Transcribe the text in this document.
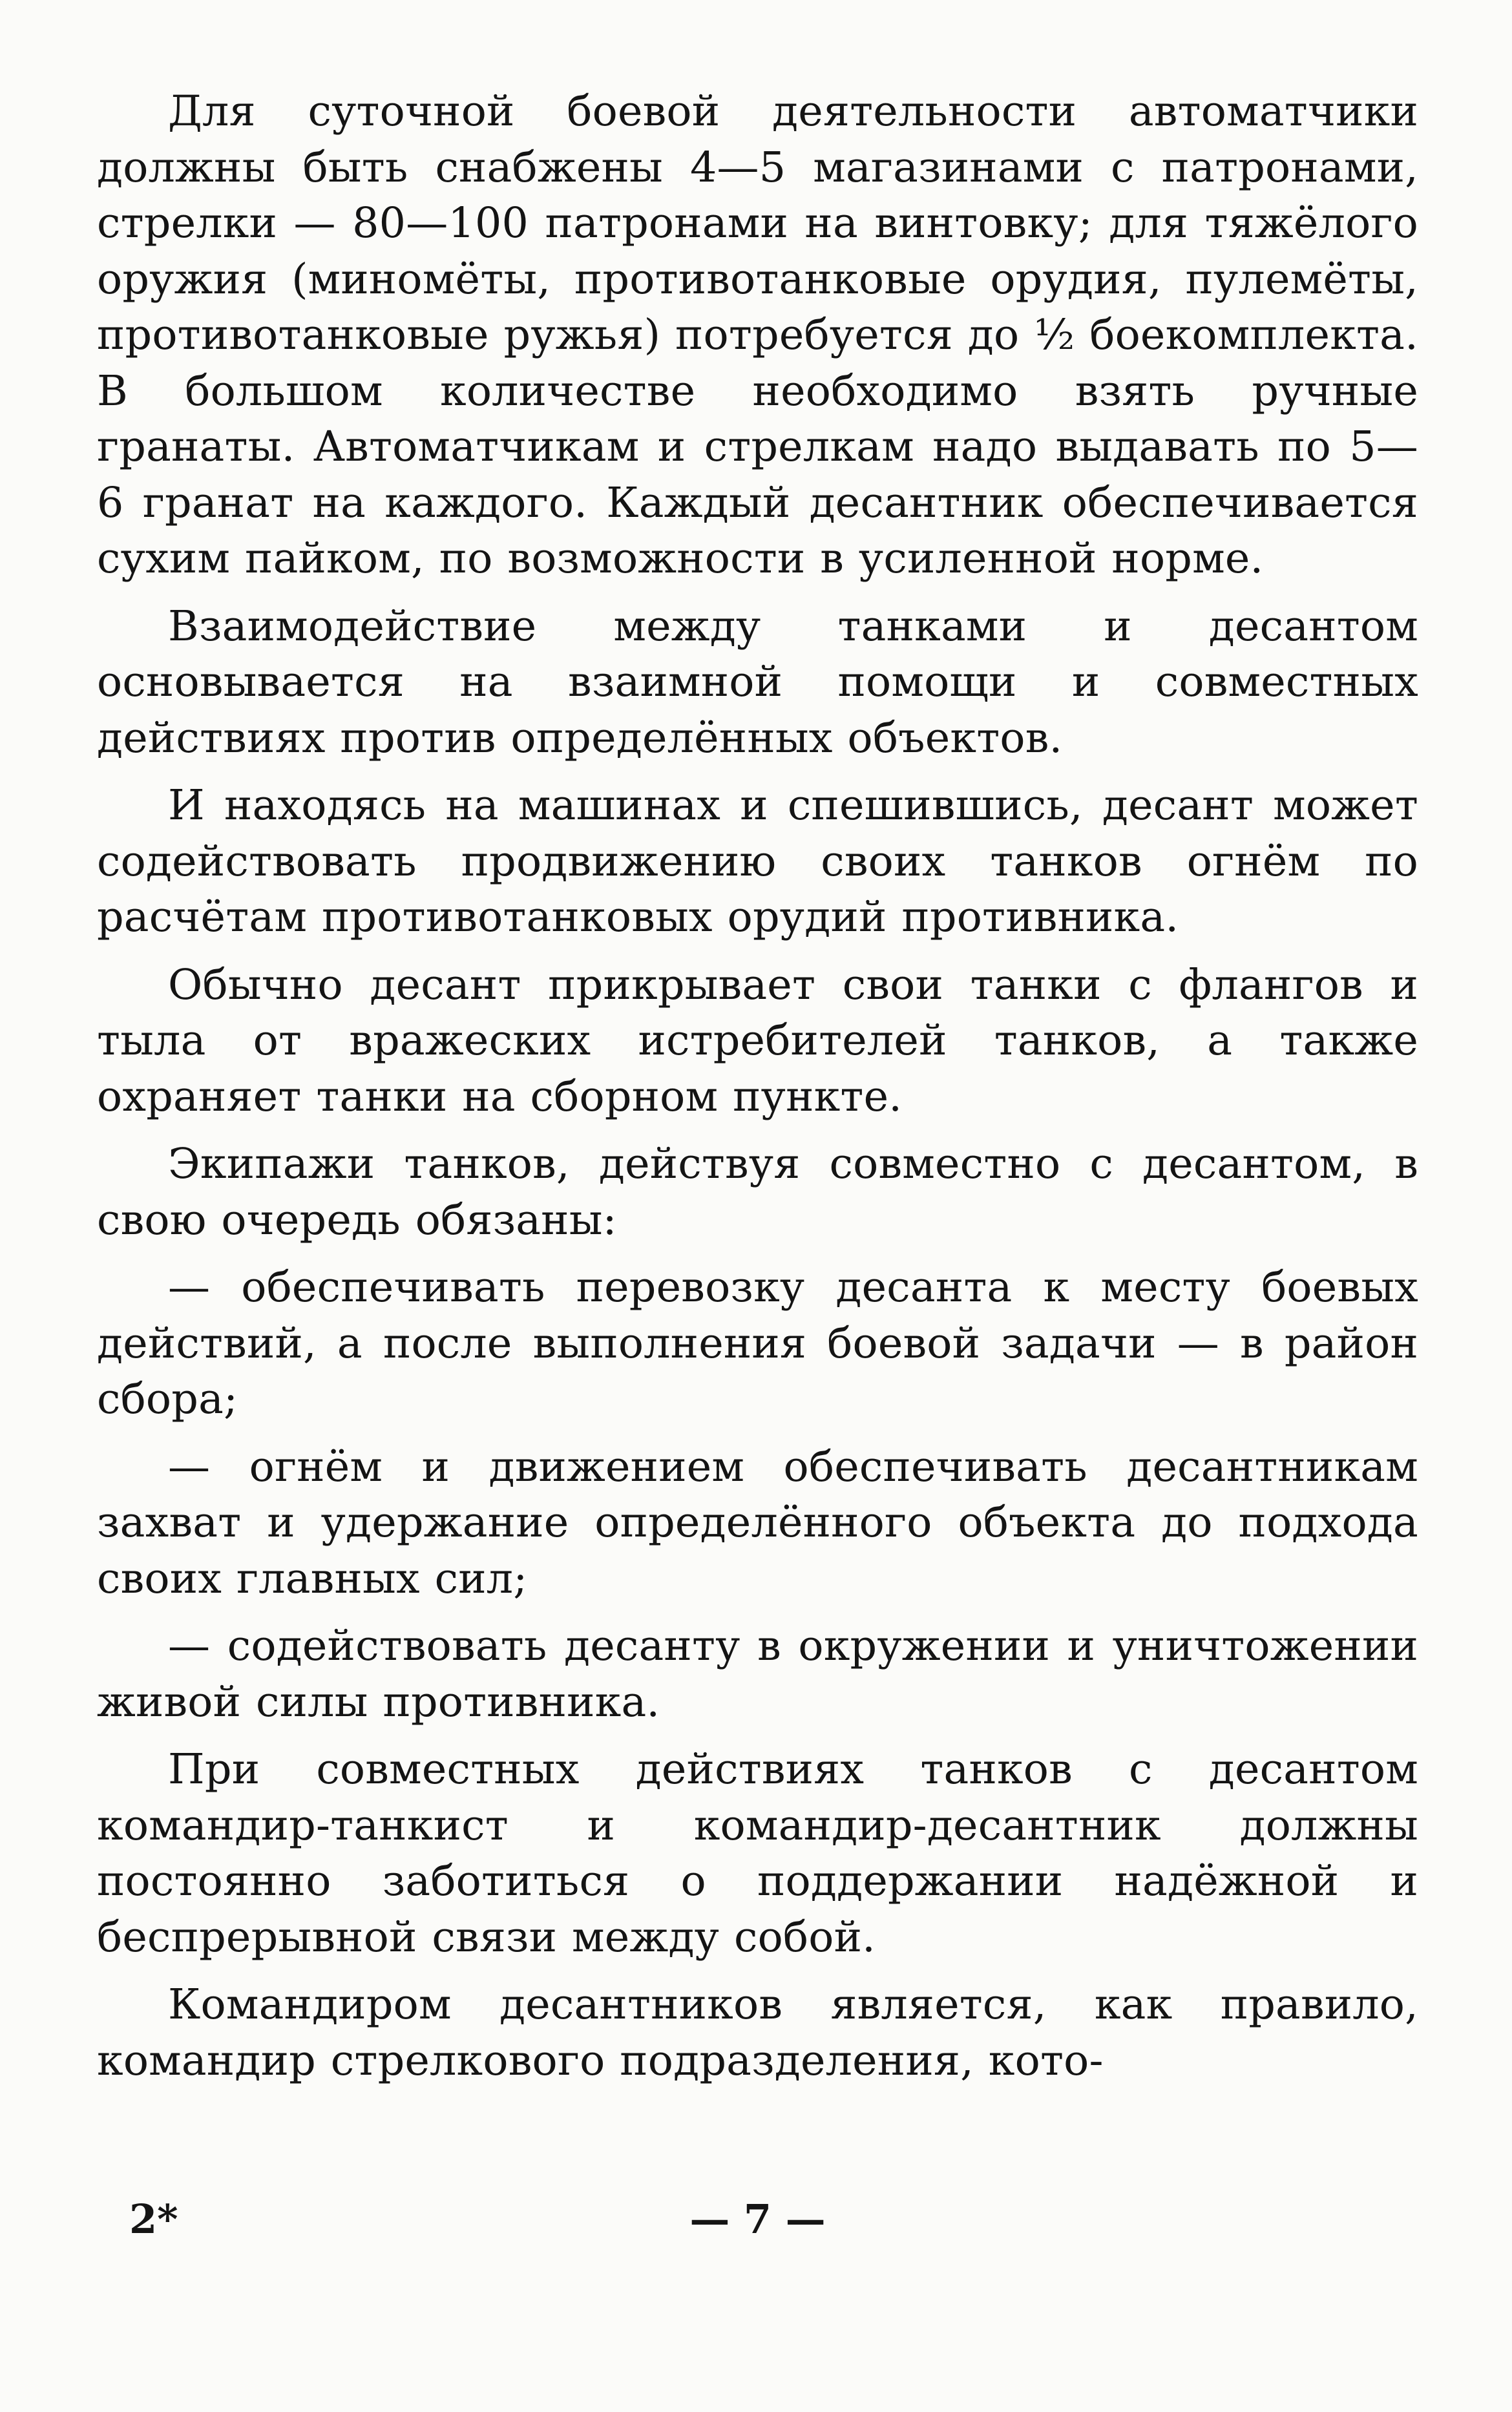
Для суточной боевой деятельности автоматчики должны быть снабжены 4—5 магазинами с патронами, стрелки — 80—100 патронами на винтовку; для тяжёлого оружия (миномёты, противотанковые орудия, пулемёты, противотанковые ружья) потребуется до ½ боекомплекта. В большом количестве необходимо взять ручные гранаты. Автоматчикам и стрелкам надо выдавать по 5—6 гранат на каждого. Каждый десантник обеспечивается сухим пайком, по возможности в усиленной норме.

Взаимодействие между танками и десантом основывается на взаимной помощи и совместных действиях против определённых объектов.

И находясь на машинах и спешившись, десант может содействовать продвижению своих танков огнём по расчётам противотанковых орудий противника.

Обычно десант прикрывает свои танки с флангов и тыла от вражеских истребителей танков, а также охраняет танки на сборном пункте.

Экипажи танков, действуя совместно с десантом, в свою очередь обязаны:

— обеспечивать перевозку десанта к месту боевых действий, а после выполнения боевой задачи — в район сбора;

— огнём и движением обеспечивать десантникам захват и удержание определённого объекта до подхода своих главных сил;

— содействовать десанту в окружении и уничтожении живой силы противника.

При совместных действиях танков с десантом командир-танкист и командир-десантник должны постоянно заботиться о поддержании надёжной и беспрерывной связи между собой.

Командиром десантников является, как правило, командир стрелкового подразделения, кото-

2*	— 7 —
